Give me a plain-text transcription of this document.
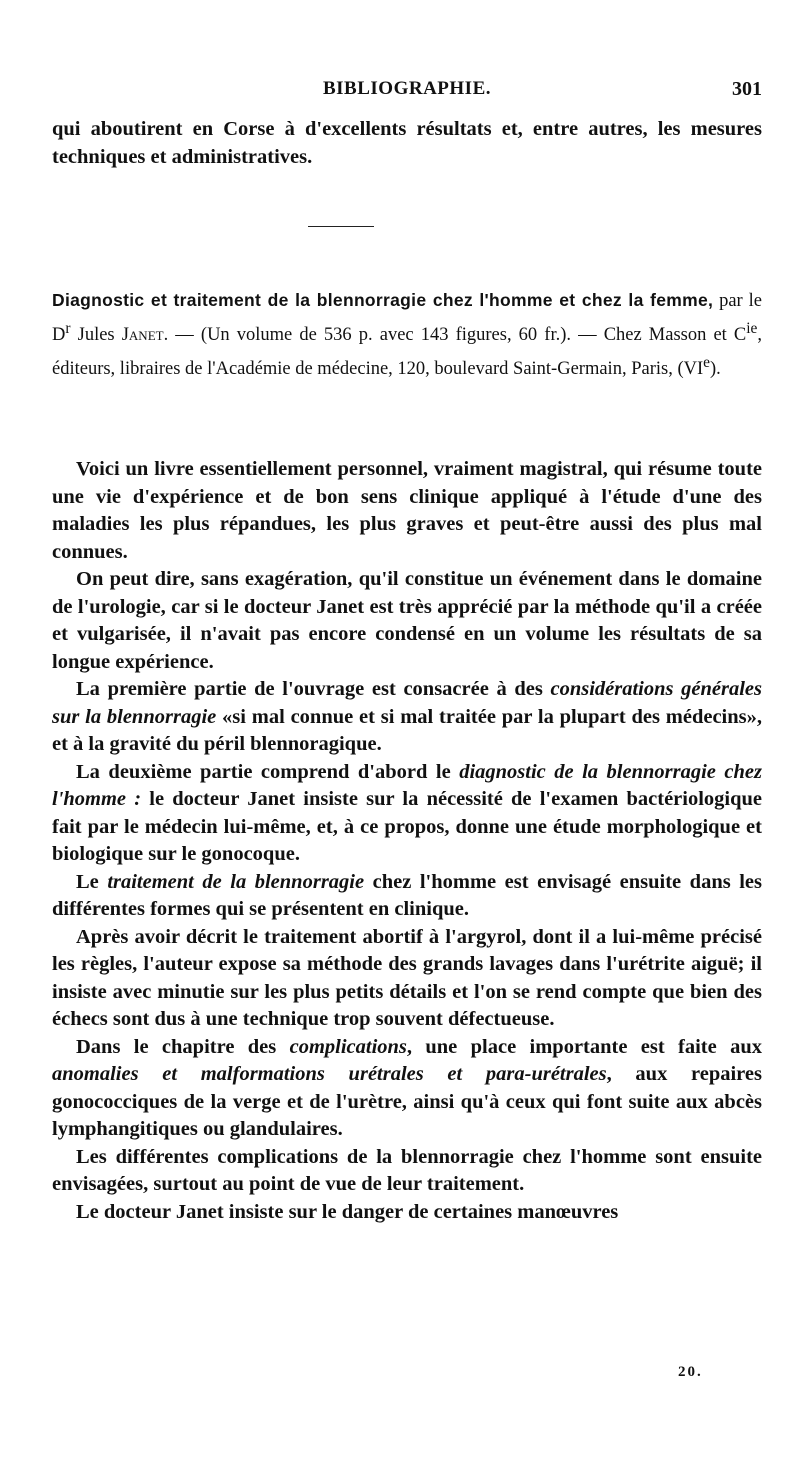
BIBLIOGRAPHIE.	301

qui aboutirent en Corse à d'excellents résultats et, entre autres, les mesures techniques et administratives.

Diagnostic et traitement de la blennorragie chez l'homme et chez la femme, par le $D^r$ Jules Janet. — (Un volume de 536 p. avec 143 figures, 60 fr.). — Chez Masson et $C^{ie}$, éditeurs, libraires de l'Académie de médecine, 120, boulevard Saint-Germain, Paris, (VIe).

Voici un livre essentiellement personnel, vraiment magistral, qui résume toute une vie d'expérience et de bon sens clinique appliqué à l'étude d'une des maladies les plus répandues, les plus graves et peut-être aussi des plus mal connues.

On peut dire, sans exagération, qu'il constitue un événement dans le domaine de l'urologie, car si le docteur Janet est très apprécié par la méthode qu'il a créée et vulgarisée, il n'avait pas encore condensé en un volume les résultats de sa longue expérience.

La première partie de l'ouvrage est consacrée à des considérations générales sur la blennorragie «si mal connue et si mal traitée par la plupart des médecins», et à la gravité du péril blennoragique.

La deuxième partie comprend d'abord le diagnostic de la blennorragie chez l'homme : le docteur Janet insiste sur la nécessité de l'examen bactériologique fait par le médecin lui-même, et, à ce propos, donne une étude morphologique et biologique sur le gonocoque.

Le traitement de la blennorragie chez l'homme est envisagé ensuite dans les différentes formes qui se présentent en clinique.

Après avoir décrit le traitement abortif à l'argyrol, dont il a lui-même précisé les règles, l'auteur expose sa méthode des grands lavages dans l'urétrite aiguë; il insiste avec minutie sur les plus petits détails et l'on se rend compte que bien des échecs sont dus à une technique trop souvent défectueuse.

Dans le chapitre des complications, une place importante est faite aux anomalies et malformations urétrales et para-urétrales, aux repaires gonococciques de la verge et de l'urètre, ainsi qu'à ceux qui font suite aux abcès lymphangitiques ou glandulaires.

Les différentes complications de la blennorragie chez l'homme sont ensuite envisagées, surtout au point de vue de leur traitement.

Le docteur Janet insiste sur le danger de certaines manœuvres

20.
